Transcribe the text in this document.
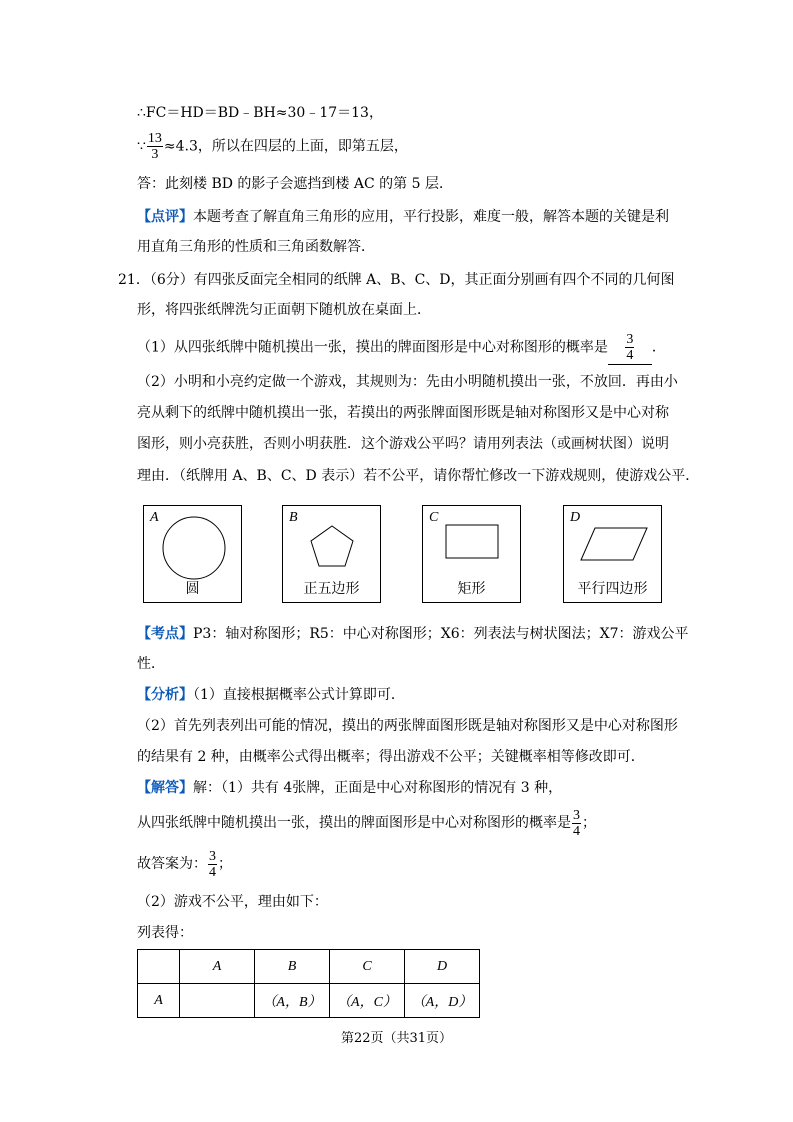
∴FC＝HD＝BD﹣BH≈30﹣17＝13，
∵ $\frac{13}{3} \approx 4.3$，所以在四层的上面，即第五层，
答：此刻楼 BD 的影子会遮挡到楼 AC 的第 5 层．
【点评】本题考查了解直角三角形的应用，平行投影，难度一般，解答本题的关键是利
用直角三角形的性质和三角函数解答．
21．（6分）有四张反面完全相同的纸牌 A、B、C、D，其正面分别画有四个不同的几何图
形，将四张纸牌洗匀正面朝下随机放在桌面上．
（1）从四张纸牌中随机摸出一张，摸出的牌面图形是中心对称图形的概率是 $\frac{3}{4}$ ．
（2）小明和小亮约定做一个游戏，其规则为：先由小明随机摸出一张，不放回．再由小
亮从剩下的纸牌中随机摸出一张，若摸出的两张牌面图形既是轴对称图形又是中心对称
图形，则小亮获胜，否则小明获胜．这个游戏公平吗？请用列表法（或画树状图）说明
理由．（纸牌用 A、B、C、D 表示）若不公平，请你帮忙修改一下游戏规则，使游戏公平．
A
圆
B
正五边形
C
矩形
D
平行四边形
【考点】P3：轴对称图形；R5：中心对称图形；X6：列表法与树状图法；X7：游戏公平
性．
【分析】（1）直接根据概率公式计算即可．
（2）首先列表列出可能的情况，摸出的两张牌面图形既是轴对称图形又是中心对称图形
的结果有 2 种，由概率公式得出概率；得出游戏不公平；关键概率相等修改即可．
【解答】解：（1）共有 4张牌，正面是中心对称图形的情况有 3 种，
从四张纸牌中随机摸出一张，摸出的牌面图形是中心对称图形的概率是 $\frac{3}{4}$ ；
故答案为： $\frac{3}{4}$ ；
（2）游戏不公平，理由如下：
列表得：
	A	B	C	D
A		（A，B）	（A，C）	（A，D）
第22页（共31页）
